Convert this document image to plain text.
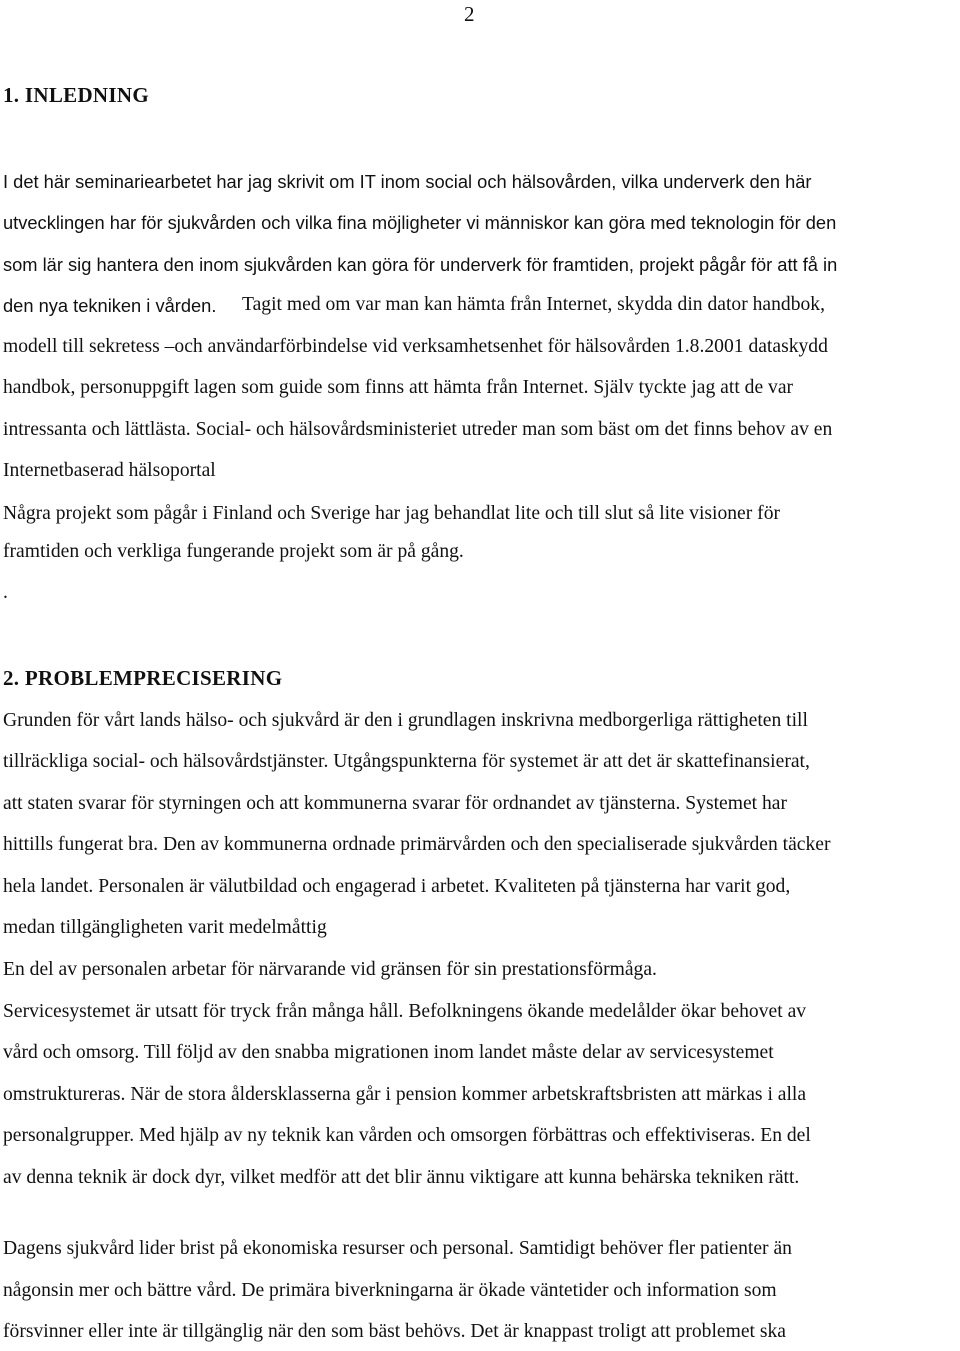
2
1. INLEDNING
I det här seminariearbetet har jag skrivit om IT inom social och hälsovården, vilka underverk den här
utvecklingen har för sjukvården och vilka fina möjligheter vi människor kan göra med teknologin för den
som lär sig hantera den inom sjukvården kan göra för underverk för framtiden, projekt pågår för att få in
den nya tekniken i vården. Tagit med om var man kan hämta från Internet, skydda din dator handbok,
modell till sekretess –och användarförbindelse vid verksamhetsenhet för hälsovården 1.8.2001 dataskydd
handbok, personuppgift lagen som guide som finns att hämta från Internet. Själv tyckte jag att de var
intressanta och lättlästa. Social- och hälsovårdsministeriet utreder man som bäst om det finns behov av en
Internetbaserad hälsoportal
Några projekt som pågår i Finland och Sverige har jag behandlat lite och till slut så lite visioner för
framtiden och verkliga fungerande projekt som är på gång.
.
2. PROBLEMPRECISERING
Grunden för vårt lands hälso- och sjukvård är den i grundlagen inskrivna medborgerliga rättigheten till
tillräckliga social- och hälsovårdstjänster. Utgångspunkterna för systemet är att det är skattefinansierat,
att staten svarar för styrningen och att kommunerna svarar för ordnandet av tjänsterna. Systemet har
hittills fungerat bra. Den av kommunerna ordnade primärvården och den specialiserade sjukvården täcker
hela landet. Personalen är välutbildad och engagerad i arbetet. Kvaliteten på tjänsterna har varit god,
medan tillgängligheten varit medelmåttig
En del av personalen arbetar för närvarande vid gränsen för sin prestationsförmåga.
Servicesystemet är utsatt för tryck från många håll. Befolkningens ökande medelålder ökar behovet av
vård och omsorg. Till följd av den snabba migrationen inom landet måste delar av servicesystemet
omstruktureras. När de stora åldersklasserna går i pension kommer arbetskraftsbristen att märkas i alla
personalgrupper. Med hjälp av ny teknik kan vården och omsorgen förbättras och effektiviseras. En del
av denna teknik är dock dyr, vilket medför att det blir ännu viktigare att kunna behärska tekniken rätt.
Dagens sjukvård lider brist på ekonomiska resurser och personal. Samtidigt behöver fler patienter än
någonsin mer och bättre vård. De primära biverkningarna är ökade väntetider och information som
försvinner eller inte är tillgänglig när den som bäst behövs. Det är knappast troligt att problemet ska
